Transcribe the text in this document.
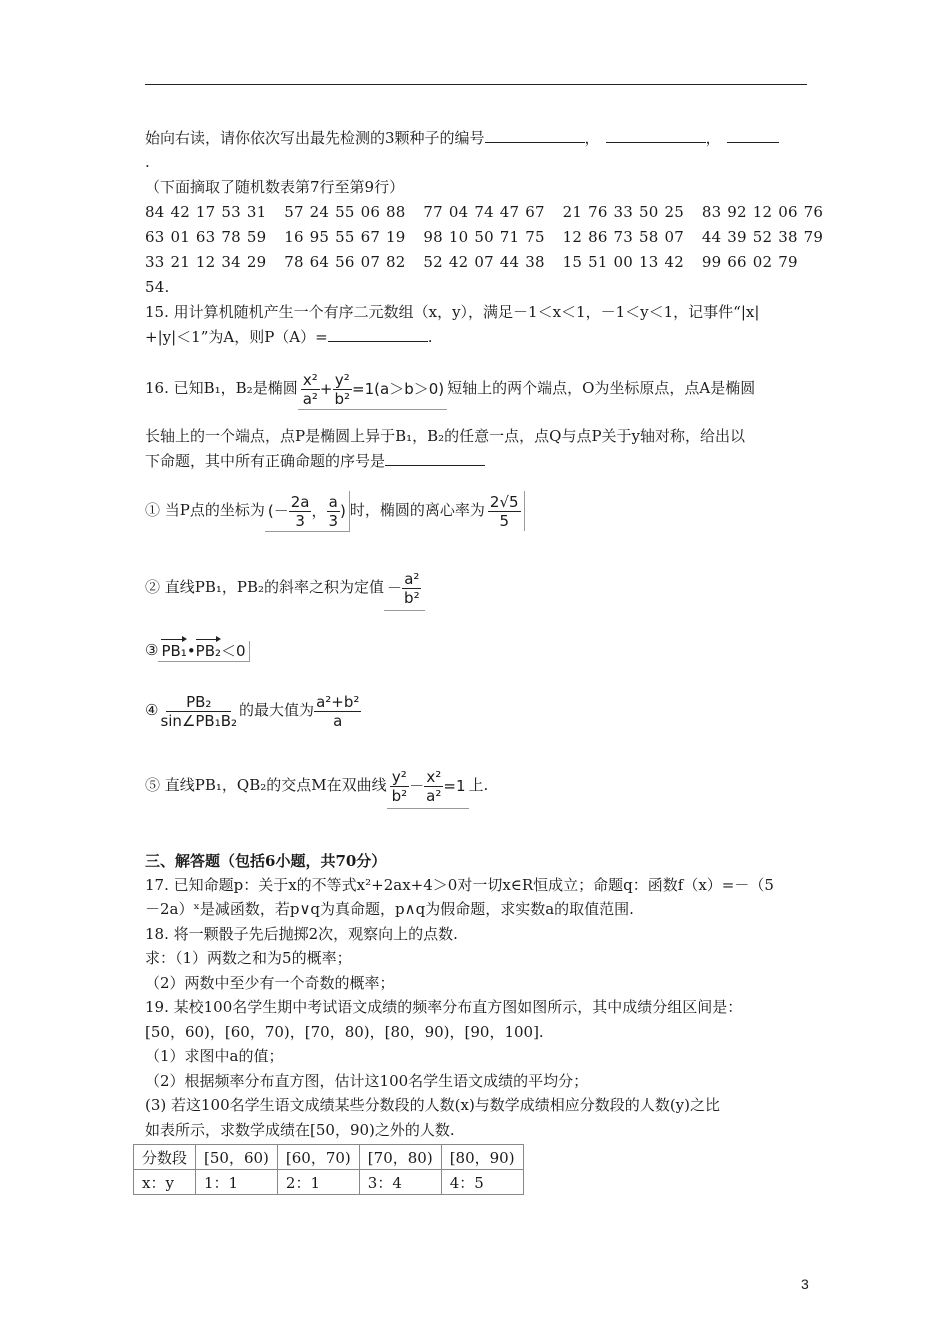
始向右读，请你依次写出最先检测的3颗种子的编号	，	，
.
（下面摘取了随机数表第7行至第9行）
84 42 17 53 31   57 24 55 06 88   77 04 74 47 67   21 76 33 50 25   83 92 12 06 76
63 01 63 78 59   16 95 55 67 19   98 10 50 71 75   12 86 73 58 07   44 39 52 38 79
33 21 12 34 29   78 64 56 07 82   52 42 07 44 38   15 51 00 13 42   99 66 02 79
54.
15. 用计算机随机产生一个有序二元数组（x，y），满足－1＜x＜1，－1＜y＜1，记事件“|x|
+|y|＜1”为A，则P（A）=	.
16. 已知B₁，B₂是椭圆 $\frac{\text{x²}}{\text{a²}} + \frac{\text{y²}}{\text{b²}} =1(a>b>0)$ 短轴上的两个端点，O为坐标原点，点A是椭圆
长轴上的一个端点，点P是椭圆上异于B₁，B₂的任意一点，点Q与点P关于y轴对称，给出以
下命题，其中所有正确命题的序号是
① 当P点的坐标为 (－ $\frac{2a}{3}$ ， $\frac{a}{3}$ ) 时，椭圆的离心率为 $\frac{2√5}{5}$
② 直线PB₁，PB₂的斜率之积为定值 － $\frac{\text{a²}}{\text{b²}}$
③ PB₁•PB₂＜0
④ $\frac{\text{PB₂}}{\text{sin∠PB₁B₂}}$ 的最大值为 $\frac{\text{a²+b²}}{a}$
⑤ 直线PB₁，QB₂的交点M在双曲线 $\frac{\text{y²}}{\text{b²}} - \frac{\text{x²}}{\text{a²}} =1$ 上.
三、解答题（包括6小题，共70分）
17. 已知命题p：关于x的不等式x²+2ax+4＞0对一切x∈R恒成立；命题q：函数f（x）=－（5
－2a）ˣ是减函数，若p∨q为真命题，p∧q为假命题，求实数a的取值范围.
18. 将一颗骰子先后抛掷2次，观察向上的点数.
求：（1）两数之和为5的概率；
（2）两数中至少有一个奇数的概率；
19. 某校100名学生期中考试语文成绩的频率分布直方图如图所示，其中成绩分组区间是：
[50，60)，[60，70)，[70，80)，[80，90)，[90，100].
（1）求图中a的值；
（2）根据频率分布直方图，估计这100名学生语文成绩的平均分；
(3) 若这100名学生语文成绩某些分数段的人数(x)与数学成绩相应分数段的人数(y)之比
如表所示，求数学成绩在[50，90)之外的人数.
分数段	[50，60)	[60，70)	[70，80)	[80，90)
x：y	1：1	2：1	3：4	4：5
3
